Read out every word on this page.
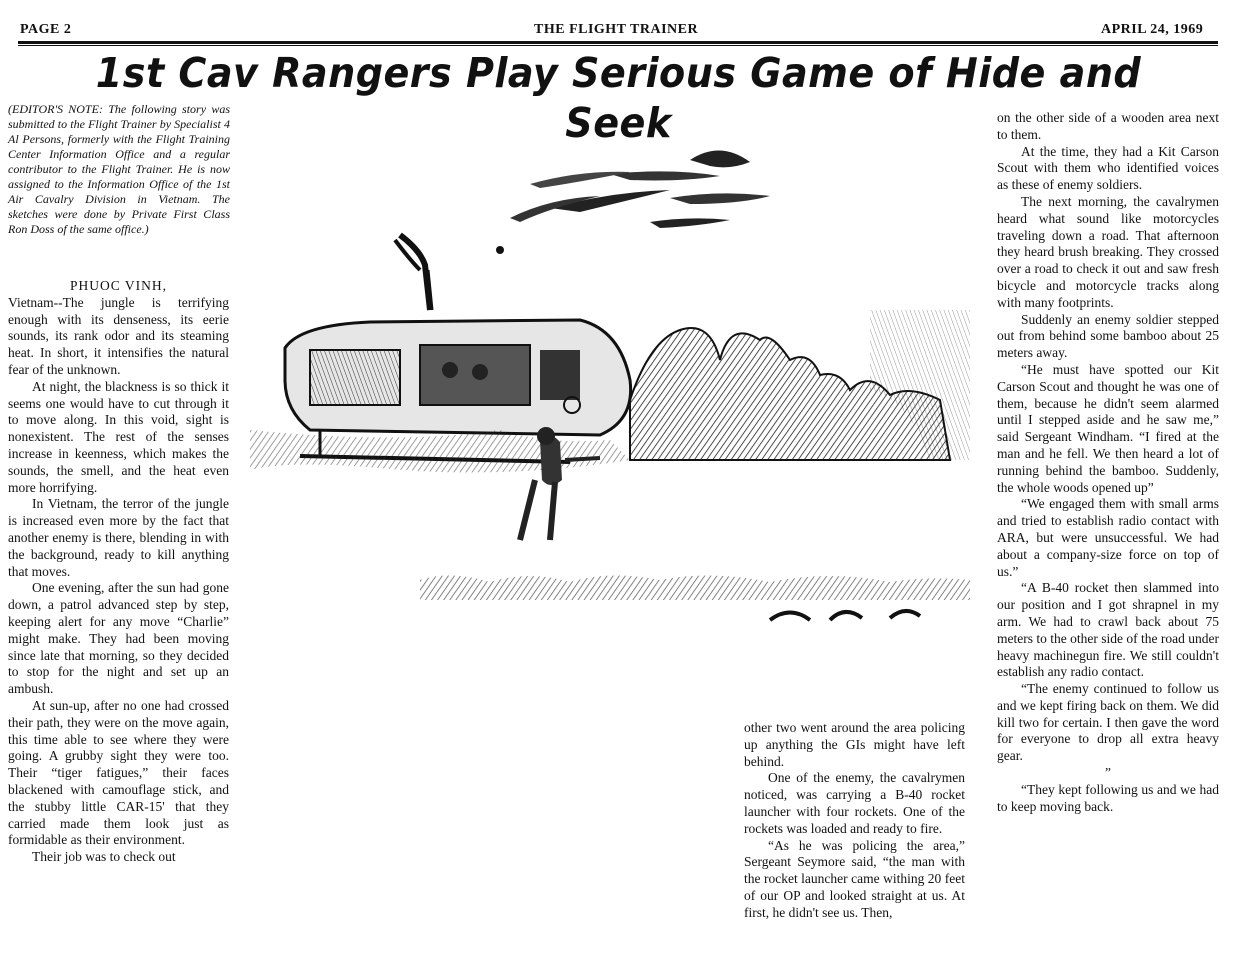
PAGE 2	THE FLIGHT TRAINER	APRIL 24, 1969
1st Cav Rangers Play Serious Game of Hide and Seek
(EDITOR'S NOTE: The following story was submitted to the Flight Trainer by Specialist 4 Al Persons, formerly with the Flight Training Center Information Office and a regular contributor to the Flight Trainer. He is now assigned to the Information Office of the 1st Air Cavalry Division in Vietnam. The sketches were done by Private First Class Ron Doss of the same office.)

PHUOC VINH,

Vietnam--The jungle is terrifying enough with its denseness, its eerie sounds, its rank odor and its steaming heat. In short, it intensifies the natural fear of the unknown.

At night, the blackness is so thick it seems one would have to cut through it to move along. In this void, sight is nonexistent. The rest of the senses increase in keenness, which makes the sounds, the smell, and the heat even more horrifying.

In Vietnam, the terror of the jungle is increased even more by the fact that another enemy is there, blending in with the background, ready to kill anything that moves.

One evening, after the sun had gone down, a patrol advanced step by step, keeping alert for any move “Charlie” might make. They had been moving since late that morning, so they decided to stop for the night and set up an ambush.

At sun-up, after no one had crossed their path, they were on the move again, this time able to see where they were going. A grubby sight they were too. Their “tiger fatigues,” their faces blackened with camouflage stick, and the stubby little CAR-15' that they carried made them look just as formidable as their environment.

Their job was to check out

other two went around the area policing up anything the GIs might have left behind.

One of the enemy, the cavalrymen noticed, was carrying a B-40 rocket launcher with four rockets. One of the rockets was loaded and ready to fire.

“As he was policing the area,” Sergeant Seymore said, “the man with the rocket launcher came withing 20 feet of our OP and looked straight at us. At first, he didn't see us. Then,

on the other side of a wooden area next to them.

At the time, they had a Kit Carson Scout with them who identified voices as these of enemy soldiers.

The next morning, the cavalrymen heard what sound like motorcycles traveling down a road. That afternoon they heard brush breaking. They crossed over a road to check it out and saw fresh bicycle and motorcycle tracks along with many footprints.

Suddenly an enemy soldier stepped out from behind some bamboo about 25 meters away.

“He must have spotted our Kit Carson Scout and thought he was one of them, because he didn't seem alarmed until I stepped aside and he saw me,” said Sergeant Windham. “I fired at the man and he fell. We then heard a lot of running behind the bamboo. Suddenly, the whole woods opened up”

“We engaged them with small arms and tried to establish radio contact with ARA, but were unsuccessful. We had about a company-size force on top of us.”

“A B-40 rocket then slammed into our position and I got shrapnel in my arm. We had to crawl back about 75 meters to the other side of the road under heavy machinegun fire. We still couldn't establish any radio contact.

“The enemy continued to follow us and we kept firing back on them. We did kill two for certain. I then gave the word for everyone to drop all extra heavy gear.

”

“They kept following us and we had to keep moving back.
